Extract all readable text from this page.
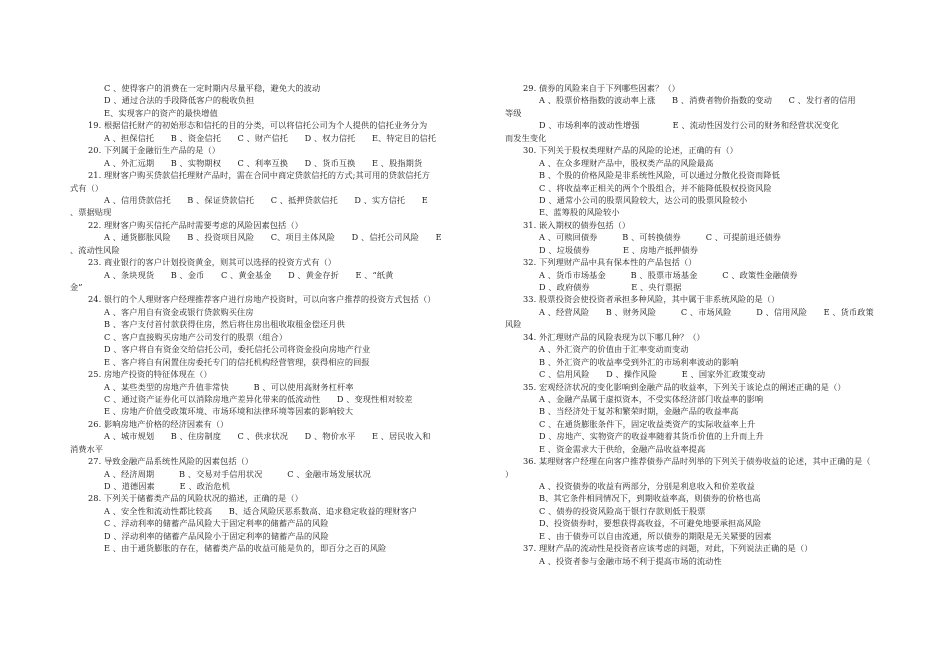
C 、使得客户的消费在一定时期内尽量平稳，避免大的波动
D 、通过合法的手段降低客户的税收负担
E、实现客户的资产的最快增值
19. 根据信托财产的初始形态和信托的目的分类，可以将信托公司为个人提供的信托业务分为
A 、担保信托　　B 、资金信托　　C 、财产信托　　D 、权力信托　　E、特定目的信托
20. 下列属于金融衍生产品的是（）
A 、外汇远期　　B 、实物期权　　C 、利率互换　　D 、货币互换　　E 、股指期货
21. 理财客户购买贷款信托理财产品时，需在合同中商定贷款信托的方式;其可用的贷款信托方
式有（）
A 、信用贷款信托　　B 、保证贷款信托　　C 、抵押贷款信托　　D 、实方信托　　E
、票据贴现
22. 理财客户购买信托产品时需要考虑的风险因素包括（）
A 、通货膨胀风险　　B 、投资项目风险　　C、项目主体风险　　D 、信托公司风险　　E
、流动性风险
23. 商业银行的客户计划投资黄金，则其可以选择的投资方式有（）
A 、条块现货　　B 、金币　　C 、黄金基金　　D 、黄金存折　　E 、“纸黄
金”
24. 银行的个人理财客户经理推荐客户进行房地产投资时，可以向客户推荐的投资方式包括（）
A 、客户用自有资金或银行贷款购买住房
B 、客户支付首付款获得住房，然后将住房出租收取租金偿还月供
C 、客户直接购买房地产公司发行的股票（组合）
D 、客户将自有资金交给信托公司，委托信托公司将资金投向房地产行业
E 、客户将自有闲置住房委托专门的信托机构经营管理，获得相应的回报
25. 房地产投资的特征体现在（）
A 、某些类型的房地产升值非常快　　　B 、可以使用高财务杠杆率
C 、通过资产证券化可以消除房地产差异化带来的低流动性　　D 、变现性相对较差
E 、房地产价值受政策环境、市场环境和法律环境等因素的影响较大
26. 影响房地产价格的经济因素有（）
A 、城市规划　　B 、住房制度　　C 、供求状况　　D 、物价水平　　E 、居民收入和
消费水平
27. 导致金融产品系统性风险的因素包括（）
A 、经济周期　　　B 、交易对手信用状况　　　C 、金融市场发展状况
D 、道德因素　　　E 、政治危机
28. 下列关于储蓄类产品的风险状况的描述，正确的是（）
A 、安全性和流动性都比较高　　B、适合风险厌恶系数高、追求稳定收益的理财客户
C 、浮动利率的储蓄产品风险大于固定利率的储蓄产品的风险
D 、浮动利率的储蓄产品风险小于固定利率的储蓄产品的风险
E 、由于通货膨胀的存在，储蓄类产品的收益可能是负的，即百分之百的风险
29. 债券的风险来自于下列哪些因素？（）
A 、股票价格指数的波动率上涨　　B 、消费者物价指数的变动　　C 、发行者的信用
等级
D 、市场利率的波动性增强　　　　E 、流动性因发行公司的财务和经营状况变化
而发生变化
30. 下列关于股权类理财产品的风险的论述，正确的有（）
A 、在众多理财产品中，股权类产品的风险最高
B 、个股的价格风险是非系统性风险，可以通过分散化投资而降低
C 、将收益率正相关的两个个股组合，并不能降低股权投资风险
D 、通常小公司的股票风险较大，达公司的股票风险较小
E、蓝筹股的风险较小
31. 嵌入期权的债券包括（）
A 、可赎回债券　　　B 、可转换债券　　　C 、可提前退还债券
D 、垃圾债券　　　　E 、房地产抵押债券
32. 下列理财产品中具有保本性的产品包括（）
A 、货币市场基金　　　B 、股票市场基金　　　C 、政策性金融债券
D 、政府债券　　　　　E 、央行票据
33. 股票投资会使投资者承担多种风险，其中属于非系统风险的是（）
A 、经营风险　　B 、财务风险　　　C 、市场风险　　　D 、信用风险　　E 、货币政策
风险
34. 外汇理财产品的风险表现为以下哪几种？（）
A 、外汇资产的价值由于汇率变动而变动
B 、外汇资产的收益率受到外汇的市场利率波动的影响
C 、信用风险　　D 、操作风险　　　E 、国家外汇政策变动
35. 宏观经济状况的变化影响到金融产品的收益率，下列关于该论点的阐述正确的是（）
A 、金融产品属于虚拟资本，不受实体经济部门收益率的影响
B 、当经济处于复苏和繁荣时期，金融产品的收益率高
C 、在通货膨胀条件下，固定收益类资产的实际收益率上升
D 、房地产、实物资产的收益率随着其货币价值的上升而上升
E 、资金需求大于供给，金融产品收益率提高
36. 某理财客户经理在向客户推荐债券产品时列举的下列关于债券收益的论述，其中正确的是（
）
A 、投资债券的收益有两部分，分别是利息收入和价差收益
B、其它条件相同情况下，到期收益率高，则债券的价格也高
C 、债券的投资风险高于银行存款则低于股票
D、投资债券时，要想获得高收益，不可避免地要承担高风险
E 、由于债券可以自由流通，所以债券的期限是无关紧要的因素
37. 理财产品的流动性是投资者应该考虑的问题，对此，下列说法正确的是（）
A 、投资者参与金融市场不利于提高市场的流动性
